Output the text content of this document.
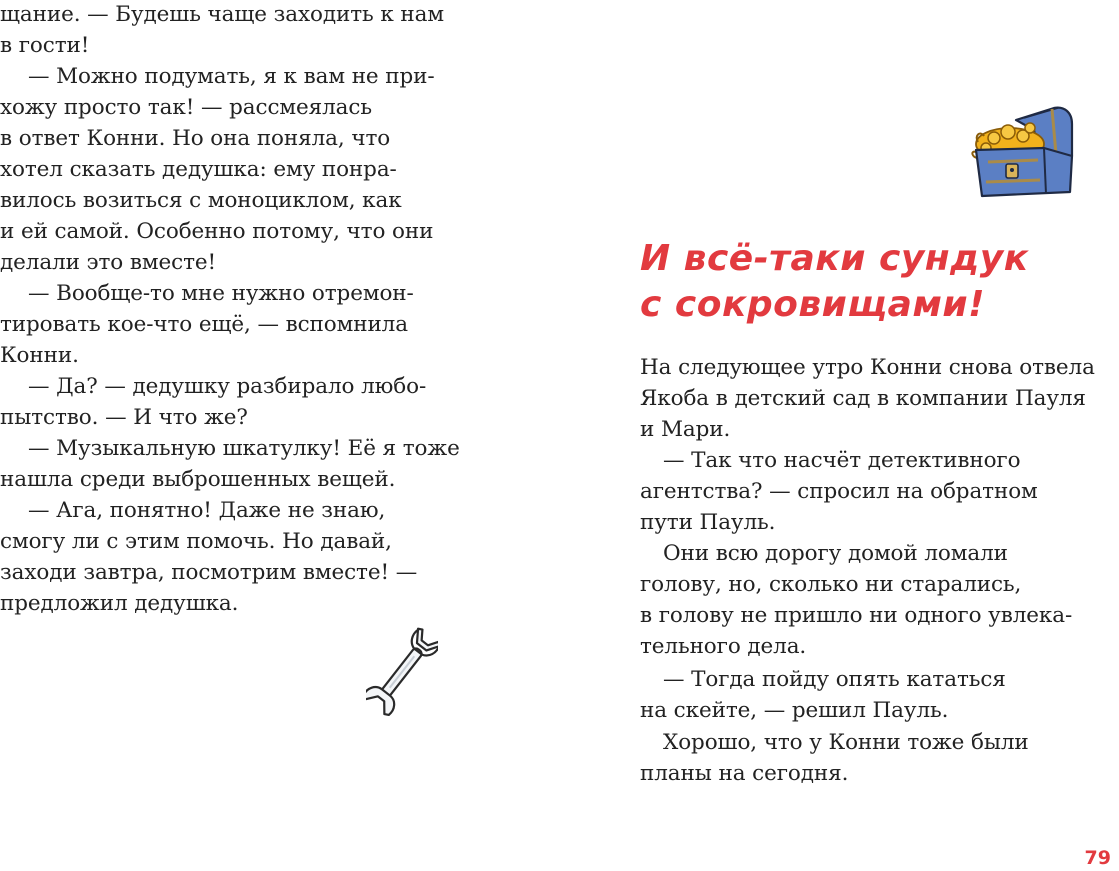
щание. — Будешь чаще заходить к нам
в гости!
— Можно подумать, я к вам не при-
хожу просто так! — рассмеялась
в ответ Конни. Но она поняла, что
хотел сказать дедушка: ему понра-
вилось возиться с моноциклом, как
и ей самой. Особенно потому, что они
делали это вместе!
— Вообще-то мне нужно отремон-
тировать кое-что ещё, — вспомнила
Конни.
— Да? — дедушку разбирало любо-
пытство. — И что же?
— Музыкальную шкатулку! Её я тоже
нашла среди выброшенных вещей.
— Ага, понятно! Даже не знаю,
смогу ли с этим помочь. Но давай,
заходи завтра, посмотрим вместе! —
предложил дедушка.
И всё-таки сундук
с сокровищами!
На следующее утро Конни снова отвела
Якоба в детский сад в компании Пауля
и Мари.
— Так что насчёт детективного
агентства? — спросил на обратном
пути Пауль.
Они всю дорогу домой ломали
голову, но, сколько ни старались,
в голову не пришло ни одного увлека-
тельного дела.
— Тогда пойду опять кататься
на скейте, — решил Пауль.
Хорошо, что у Конни тоже были
планы на сегодня.
79
